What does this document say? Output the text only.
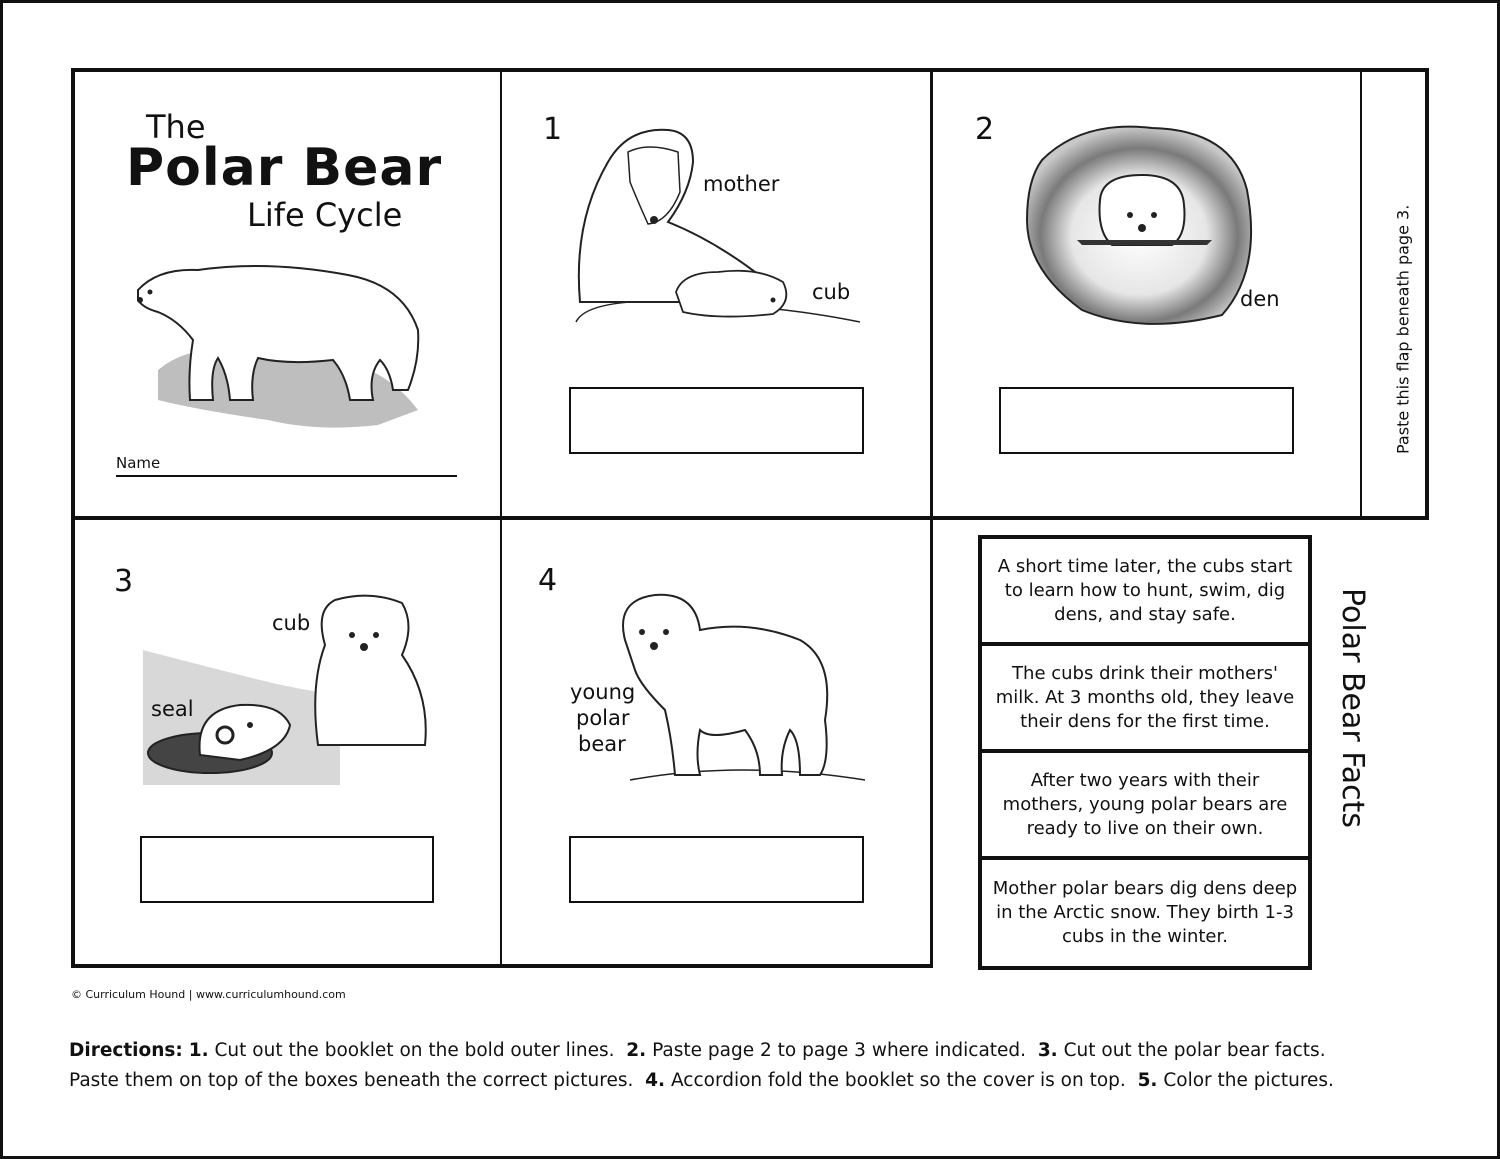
The
Polar Bear
Life Cycle
Name
1
mother
cub
2
den	Paste this flap beneath page 3.
3
cub
seal
4
young
polar
bear
A short time later, the cubs start to learn how to hunt, swim, dig dens, and stay safe.
The cubs drink their mothers' milk. At 3 months old, they leave their dens for the first time.
After two years with their mothers, young polar bears are ready to live on their own.
Mother polar bears dig dens deep in the Arctic snow. They birth 1-3 cubs in the winter.
Polar Bear Facts
© Curriculum Hound | www.curriculumhound.com
Directions: 1. Cut out the booklet on the bold outer lines. 2. Paste page 2 to page 3 where indicated. 3. Cut out the polar bear facts.
Paste them on top of the boxes beneath the correct pictures. 4. Accordion fold the booklet so the cover is on top. 5. Color the pictures.
